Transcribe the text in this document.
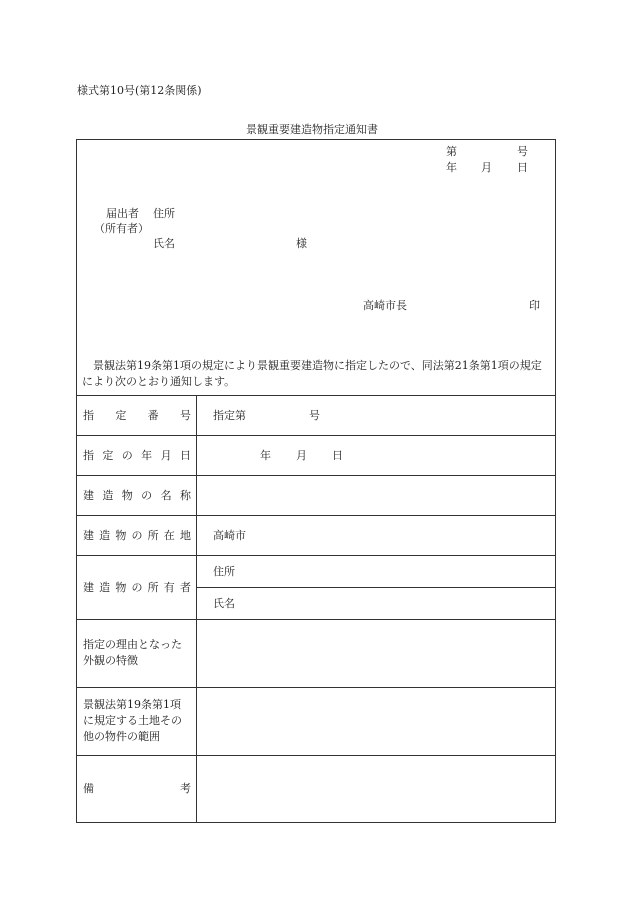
様式第10号(第12条関係)
景観重要建造物指定通知書
第	号
年 月 日
届出者 住所
（所有者）
氏名	様
高崎市長	印
　景観法第19条第1項の規定により景観重要建造物に指定したので、同法第21条第1項の規定により次のとおり通知します。
指 定 番 号 指定第	号
指 定 の 年 月 日	年 月 日
建 造 物 の 名 称
建 造 物 の 所 在 地 高崎市
建 造 物 の 所 有 者
住所
氏名
指定の理由となった
外観の特徴
景観法第19条第1項
に規定する土地その
他の物件の範囲
備	考
